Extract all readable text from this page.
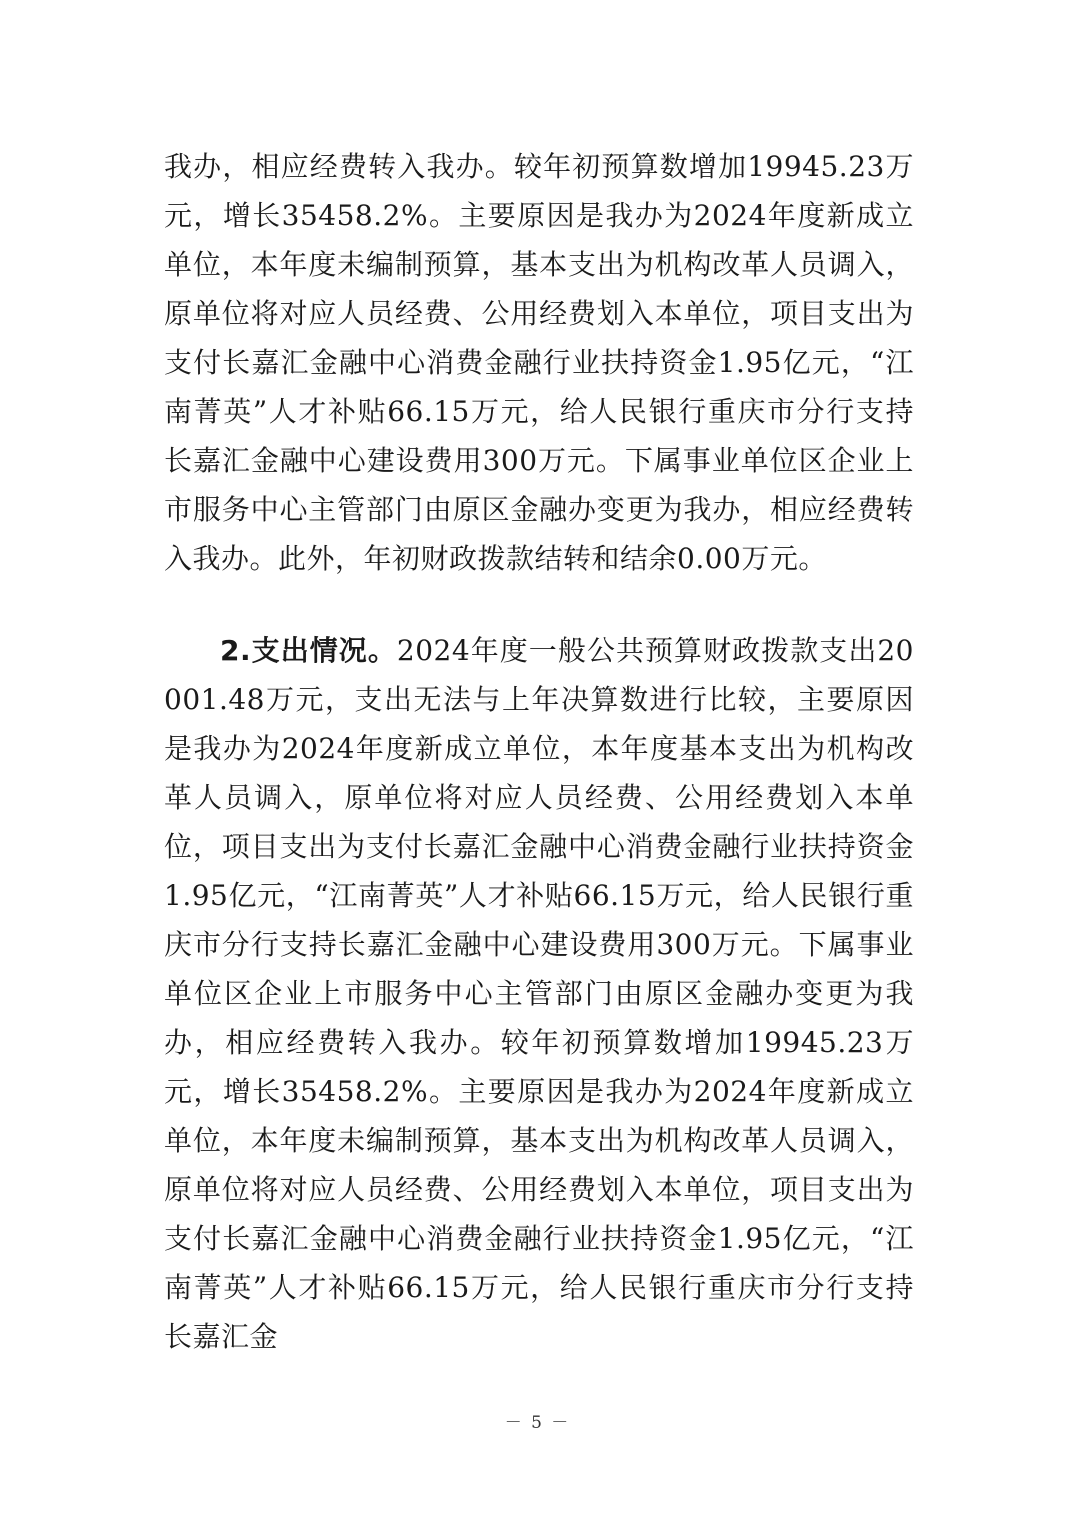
我办，相应经费转入我办。较年初预算数增加19945.23万元，增长35458.2%。主要原因是我办为2024年度新成立单位，本年度未编制预算，基本支出为机构改革人员调入，原单位将对应人员经费、公用经费划入本单位，项目支出为支付长嘉汇金融中心消费金融行业扶持资金1.95亿元，“江南菁英”人才补贴66.15万元，给人民银行重庆市分行支持长嘉汇金融中心建设费用300万元。下属事业单位区企业上市服务中心主管部门由原区金融办变更为我办，相应经费转入我办。此外，年初财政拨款结转和结余0.00万元。

2.支出情况。2024年度一般公共预算财政拨款支出20001.48万元，支出无法与上年决算数进行比较，主要原因是我办为2024年度新成立单位，本年度基本支出为机构改革人员调入，原单位将对应人员经费、公用经费划入本单位，项目支出为支付长嘉汇金融中心消费金融行业扶持资金1.95亿元，“江南菁英”人才补贴66.15万元，给人民银行重庆市分行支持长嘉汇金融中心建设费用300万元。下属事业单位区企业上市服务中心主管部门由原区金融办变更为我办，相应经费转入我办。较年初预算数增加19945.23万元，增长35458.2%。主要原因是我办为2024年度新成立单位，本年度未编制预算，基本支出为机构改革人员调入，原单位将对应人员经费、公用经费划入本单位，项目支出为支付长嘉汇金融中心消费金融行业扶持资金1.95亿元，“江南菁英”人才补贴66.15万元，给人民银行重庆市分行支持长嘉汇金

－ 5 －
